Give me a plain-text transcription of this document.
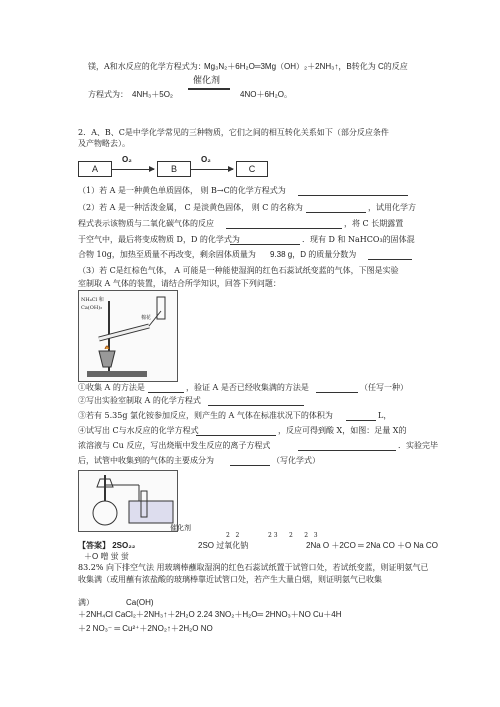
镁，A和水反应的化学方程式为：
Mg₃N₂＋6H₂O═3Mg（OH）₂＋2NH₃↑，B转化为 C的反应
方程式为： 4NH₃＋5O₂
催化剂
4NO＋6H₂O。
2．A、B、C是中学化学常见的三种物质，它们之间的相互转化关系如下（部分反应条件
及产物略去）。
A
O₂
B
O₂
C
（1）若 A 是一种黄色单质固体， 则 B→C的化学方程式为
（2）若 A 是一种活泼金属， C 是淡黄色固体， 则 C 的名称为	，试用化学方
程式表示该物质与二氧化碳气体的反应	，将 C 长期露置
于空气中，最后将变成物质 D，D 的化学式为	．现有 D 和 NaHCO₃的固体混
合物 10g，加热至质量不再改变，剩余固体质量为 9.38 g，D 的质量分数为
（3）若 C是红棕色气体， A 可能是一种能使湿润的红色石蕊试纸变蓝的气体，下图是实验
室制取 A 气体的装置，请结合所学知识，回答下列问题：
NH₄Cl 和
Ca(OH)₂
棉花
①收集 A 的方法是	，验证 A 是否已经收集满的方法是	（任写一种）
②写出实验室制取 A 的化学方程式
③若有 5.35g 氯化铵参加反应，则产生的 A 气体在标准状况下的体积为	L，
④试写出 C与水反应的化学方程式	，反应可得到酸 X，如图：足量 X的
浓溶液与 Cu 反应，写出烧瓶中发生反应的离子方程式	．实验完毕
后，试管中收集到的气体的主要成分为	（写化学式）
【答案】 2SO₂₂
催化剂
2   2               2 3      2      2   3
2SO 过氧化钠	2Na O ＋2CO ═ 2Na CO ＋O Na CO
＋O 噌 蛍 蛍
83.2% 向下排空气法 用玻璃棒蘸取湿润的红色石蕊试纸置于试管口处，若试纸变蓝，则证明氨气已
收集满（或用蘸有浓盐酸的玻璃棒靠近试管口处，若产生大量白烟，则证明氨气已收集
满）	Ca(OH)
＋2NH₄Cl CaCl₂＋2NH₃↑＋2H₂O 2.24 3NO₂＋H₂O═ 2HNO₃＋NO Cu＋4H
＋2 NO₃⁻ ═ Cu²⁺＋2NO₂↑＋2H₂O NO
